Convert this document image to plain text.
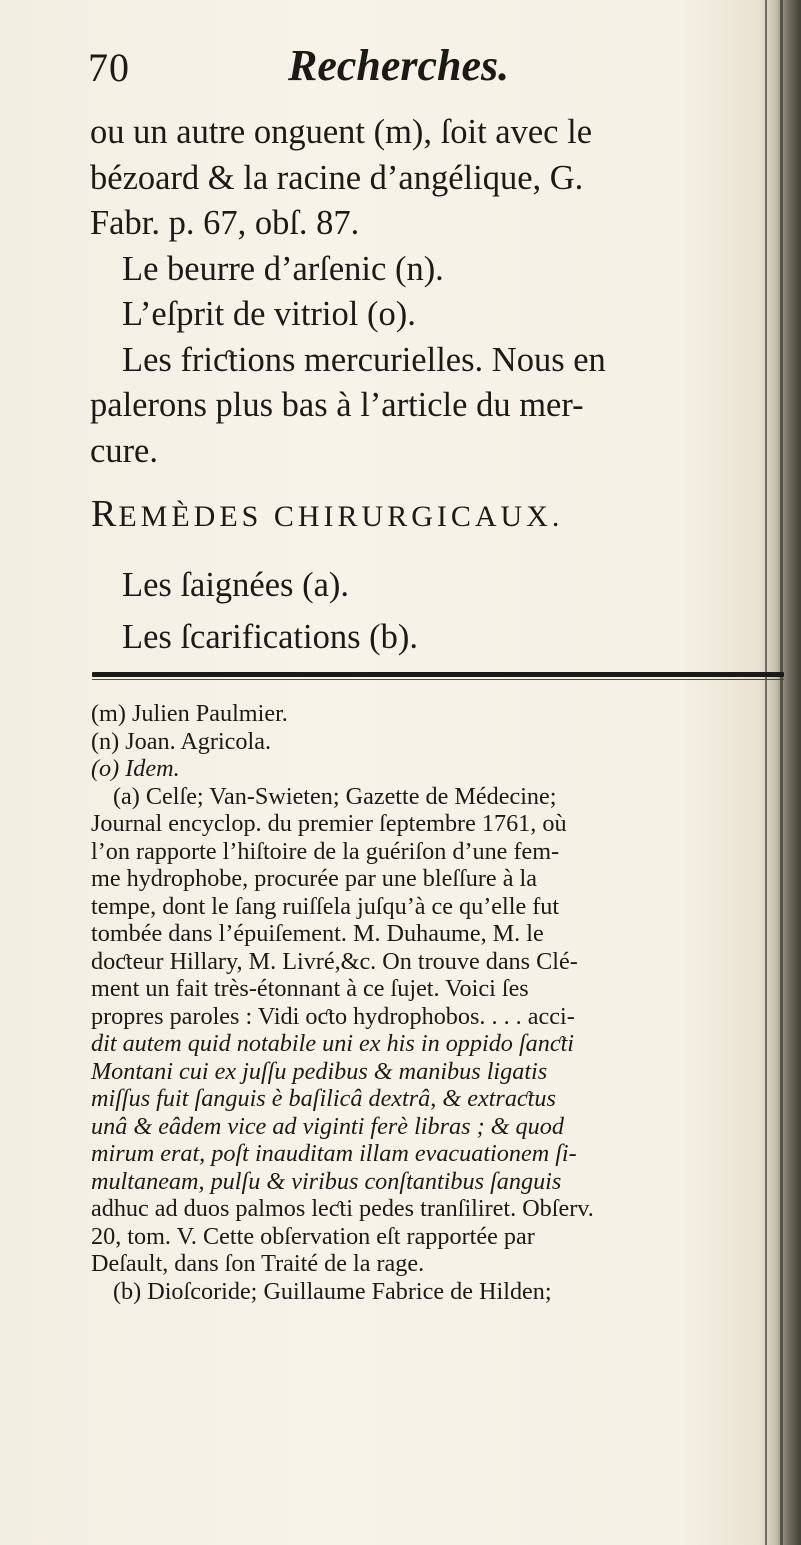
70	Recherches.
ou un autre onguent (m), ſoit avec le
bézoard & la racine d’angélique, G.
Fabr. p. 67, obſ. 87.
Le beurre d’arſenic (n).
L’eſprit de vitriol (o).
Les friƈtions mercurielles. Nous en
palerons plus bas à l’article du mer-
cure.
REMÈDES CHIRURGICAUX.
Les ſaignées (a).
Les ſcarifications (b).
(m) Julien Paulmier.
(n) Joan. Agricola.
(o) Idem.
(a) Celſe; Van-Swieten; Gazette de Médecine;
Journal encyclop. du premier ſeptembre 1761, où
l’on rapporte l’hiſtoire de la guériſon d’une fem-
me hydrophobe, procurée par une bleſſure à la
tempe, dont le ſang ruiſſela juſqu’à ce qu’elle fut
tombée dans l’épuiſement. M. Duhaume, M. le
doƈteur Hillary, M. Livré,&c. On trouve dans Clé-
ment un fait très-étonnant à ce ſujet. Voici ſes
propres paroles : Vidi oƈto hydrophobos. . . . acci-
dit autem quid notabile uni ex his in oppido ſanƈti
Montani cui ex juſſu pedibus & manibus ligatis
miſſus fuit ſanguis è baſilicâ dextrâ, & extraƈtus
unâ & eâdem vice ad viginti ferè libras ; & quod
mirum erat, poſt inauditam illam evacuationem ſi-
multaneam, pulſu & viribus conſtantibus ſanguis
adhuc ad duos palmos leƈti pedes tranſiliret. Obſerv.
20, tom. V. Cette obſervation eſt rapportée par
Deſault, dans ſon Traité de la rage.
(b) Dioſcoride; Guillaume Fabrice de Hilden;
